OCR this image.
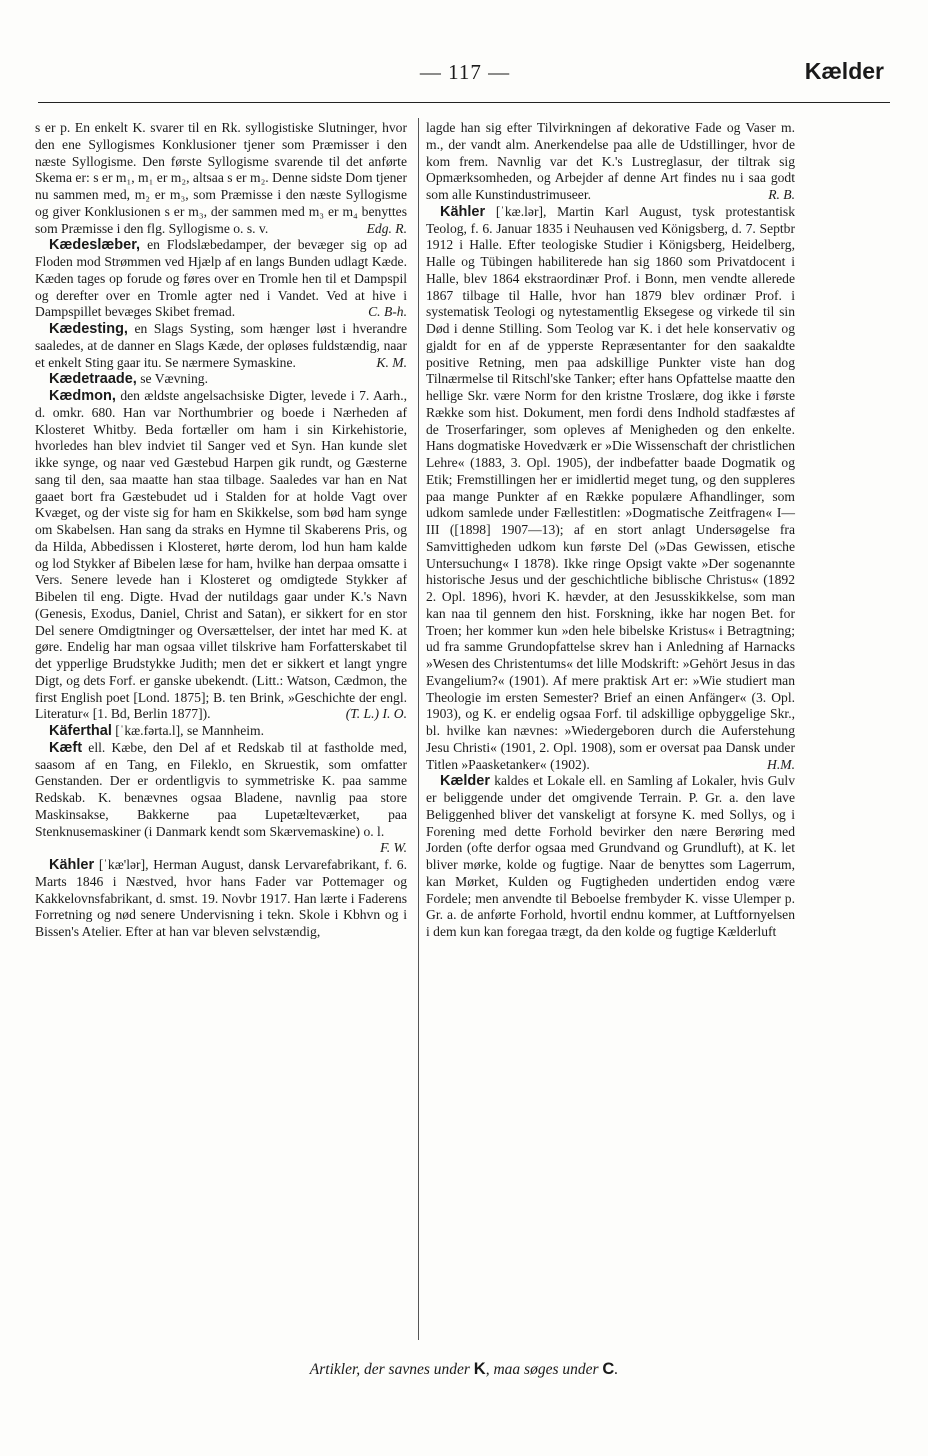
— 117 —	Kælder

s er p. En enkelt K. svarer til en Rk. syllogistiske Slutninger, hvor den ene Syllogismes Konklusioner tjener som Præmisser i den næste Syllogisme. Den første Syllogisme svarende til det anførte Skema er: s er m₁, m₁ er m₂, altsaa s er m₂. Denne sidste Dom tjener nu sammen med, m₂ er m₃, som Præmisse i den næste Syllogisme og giver Konklusionen s er m₃, der sammen med m₃ er m₄ benyttes som Præmisse i den flg. Syllogisme o. s. v.	Edg. R.

Kædeslæber, en Flodslæbedamper, der bevæger sig op ad Floden mod Strømmen ved Hjælp af en langs Bunden udlagt Kæde. Kæden tages op forude og føres over en Tromle hen til et Dampspil og derefter over en Tromle agter ned i Vandet. Ved at hive i Dampspillet bevæges Skibet fremad.	C. B-h.

Kædesting, en Slags Systing, som hænger løst i hverandre saaledes, at de danner en Slags Kæde, der opløses fuldstændig, naar et enkelt Sting gaar itu. Se nærmere Symaskine.	K. M.

Kædetraade, se Vævning.

Kædmon, den ældste angelsachsiske Digter, levede i 7. Aarh., d. omkr. 680. Han var Northumbrier og boede i Nærheden af Klosteret Whitby. Beda fortæller om ham i sin Kirkehistorie, hvorledes han blev indviet til Sanger ved et Syn. Han kunde slet ikke synge, og naar ved Gæstebud Harpen gik rundt, og Gæsterne sang til den, saa maatte han staa tilbage. Saaledes var han en Nat gaaet bort fra Gæstebudet ud i Stalden for at holde Vagt over Kvæget, og der viste sig for ham en Skikkelse, som bød ham synge om Skabelsen. Han sang da straks en Hymne til Skaberens Pris, og da Hilda, Abbedissen i Klosteret, hørte derom, lod hun ham kalde og lod Stykker af Bibelen læse for ham, hvilke han derpaa omsatte i Vers. Senere levede han i Klosteret og omdigtede Stykker af Bibelen til eng. Digte. Hvad der nutildags gaar under K.'s Navn (Genesis, Exodus, Daniel, Christ and Satan), er sikkert for en stor Del senere Omdigtninger og Oversættelser, der intet har med K. at gøre. Endelig har man ogsaa villet tilskrive ham Forfatterskabet til det ypperlige Brudstykke Judith; men det er sikkert et langt yngre Digt, og dets Forf. er ganske ubekendt. (Litt.: Watson, Cædmon, the first English poet [Lond. 1875]; B. ten Brink, »Geschichte der engl. Literatur« [1. Bd, Berlin 1877]).	(T. L.) I. O.

Käferthal [ˈkæ.fərta.l], se Mannheim.

Kæft ell. Kæbe, den Del af et Redskab til at fastholde med, saasom af en Tang, en Fileklo, en Skruestik, som omfatter Genstanden. Der er ordentligvis to symmetriske K. paa samme Redskab. K. benævnes ogsaa Bladene, navnlig paa store Maskinsakse, Bakkerne paa Lupetælteværket, paa Stenknusemaskiner (i Danmark kendt som Skærvemaskine) o. l.
F. W.

Kähler [ˈkæ'lər], Herman August, dansk Lervarefabrikant, f. 6. Marts 1846 i Næstved, hvor hans Fader var Pottemager og Kakkelovnsfabrikant, d. smst. 19. Novbr 1917. Han lærte i Faderens Forretning og nød senere Undervisning i tekn. Skole i Kbhvn og i Bissen's Atelier. Efter at han var bleven selvstændig,

lagde han sig efter Tilvirkningen af dekorative Fade og Vaser m. m., der vandt alm. Anerkendelse paa alle de Udstillinger, hvor de kom frem. Navnlig var det K.'s Lustreglasur, der tiltrak sig Opmærksomheden, og Arbejder af denne Art findes nu i saa godt som alle Kunstindustrimuseer.	R. B.

Kähler [ˈkæ.lər], Martin Karl August, tysk protestantisk Teolog, f. 6. Januar 1835 i Neuhausen ved Königsberg, d. 7. Septbr 1912 i Halle. Efter teologiske Studier i Königsberg, Heidelberg, Halle og Tübingen habiliterede han sig 1860 som Privatdocent i Halle, blev 1864 ekstraordinær Prof. i Bonn, men vendte allerede 1867 tilbage til Halle, hvor han 1879 blev ordinær Prof. i systematisk Teologi og nytestamentlig Eksegese og virkede til sin Død i denne Stilling. Som Teolog var K. i det hele konservativ og gjaldt for en af de ypperste Repræsentanter for den saakaldte positive Retning, men paa adskillige Punkter viste han dog Tilnærmelse til Ritschl'ske Tanker; efter hans Opfattelse maatte den hellige Skr. være Norm for den kristne Troslære, dog ikke i første Række som hist. Dokument, men fordi dens Indhold stadfæstes af de Troserfaringer, som opleves af Menigheden og den enkelte. Hans dogmatiske Hovedværk er »Die Wissenschaft der christlichen Lehre« (1883, 3. Opl. 1905), der indbefatter baade Dogmatik og Etik; Fremstillingen her er imidlertid meget tung, og den suppleres paa mange Punkter af en Række populære Afhandlinger, som udkom samlede under Fællestitlen: »Dogmatische Zeitfragen« I—III ([1898] 1907—13); af en stort anlagt Undersøgelse fra Samvittigheden udkom kun første Del (»Das Gewissen, etische Untersuchung« I 1878). Ikke ringe Opsigt vakte »Der sogenannte historische Jesus und der geschichtliche biblische Christus« (1892 2. Opl. 1896), hvori K. hævder, at den Jesusskikkelse, som man kan naa til gennem den hist. Forskning, ikke har nogen Bet. for Troen; her kommer kun »den hele bibelske Kristus« i Betragtning; ud fra samme Grundopfattelse skrev han i Anledning af Harnacks »Wesen des Christentums« det lille Modskrift: »Gehört Jesus in das Evangelium?« (1901). Af mere praktisk Art er: »Wie studiert man Theologie im ersten Semester? Brief an einen Anfänger« (3. Opl. 1903), og K. er endelig ogsaa Forf. til adskillige opbyggelige Skr., bl. hvilke kan nævnes: »Wiedergeboren durch die Auferstehung Jesu Christi« (1901, 2. Opl. 1908), som er oversat paa Dansk under Titlen »Paasketanker« (1902).	H.M.

Kælder kaldes et Lokale ell. en Samling af Lokaler, hvis Gulv er beliggende under det omgivende Terrain. P. Gr. a. den lave Beliggenhed bliver det vanskeligt at forsyne K. med Sollys, og i Forening med dette Forhold bevirker den nære Berøring med Jorden (ofte derfor ogsaa med Grundvand og Grundluft), at K. let bliver mørke, kolde og fugtige. Naar de benyttes som Lagerrum, kan Mørket, Kulden og Fugtigheden undertiden endog være Fordele; men anvendte til Beboelse frembyder K. visse Ulemper p. Gr. a. de anførte Forhold, hvortil endnu kommer, at Luftfornyelsen i dem kun kan foregaa trægt, da den kolde og fugtige Kælderluft

Artikler, der savnes under K, maa søges under C.
